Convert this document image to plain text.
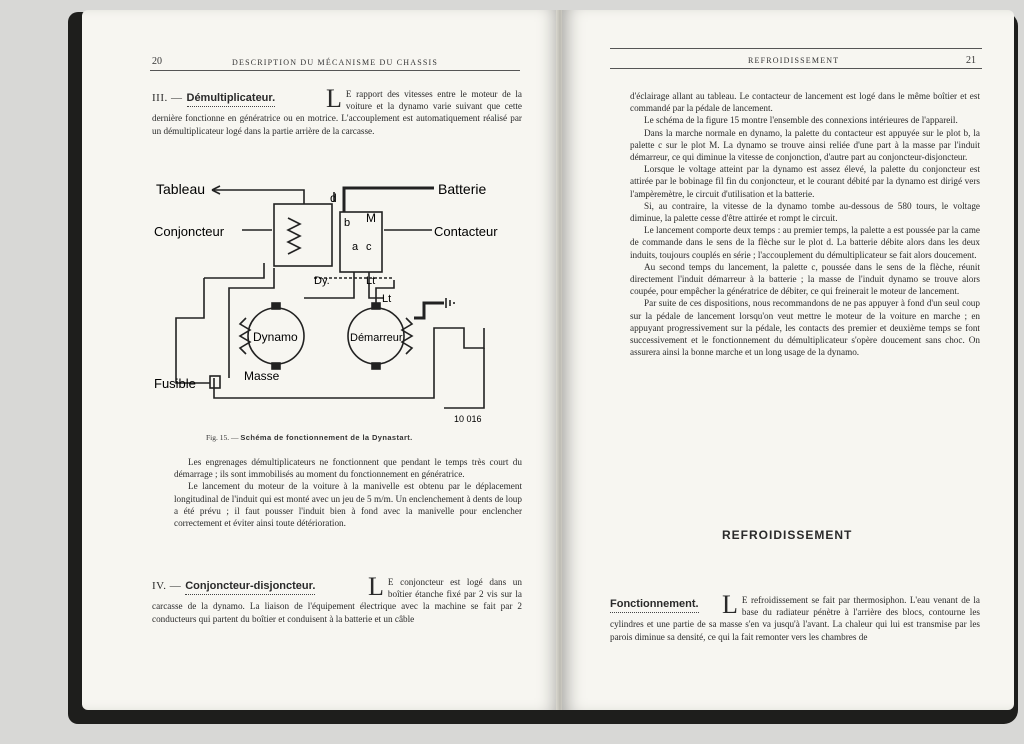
20	DESCRIPTION DU MÉCANISME DU CHASSIS
III. — Démultiplicateur.	L E rapport des vitesses entre le moteur de la voiture et la dynamo varie suivant que cette dernière fonctionne en génératrice ou en motrice. L'accouplement est automatiquement réalisé par un démultiplicateur logé dans la partie arrière de la carcasse.

Tableau	Batterie
Conjoncteur	Contacteur
Dynamo	Démarreur
Masse
Fusible
d
b M
a c
Dy.	Lt
Lt
10 016
Fig. 15. — Schéma de fonctionnement de la Dynastart.

Les engrenages démultiplicateurs ne fonctionnent que pendant le temps très court du démarrage ; ils sont immobilisés au moment du fonctionnement en génératrice.

Le lancement du moteur de la voiture à la manivelle est obtenu par le déplacement longitudinal de l'induit qui est monté avec un jeu de 5 m/m. Un enclenchement à dents de loup a été prévu ; il faut pousser l'induit bien à fond avec la manivelle pour enclencher correctement et éviter ainsi toute détérioration.

IV. — Conjoncteur-disjoncteur.	L E conjoncteur est logé dans un boîtier étanche fixé par 2 vis sur la carcasse de la dynamo. La liaison de l'équipement électrique avec la machine se fait par 2 conducteurs qui partent du boîtier et conduisent à la batterie et un câble

REFROIDISSEMENT	21

d'éclairage allant au tableau. Le contacteur de lancement est logé dans le même boîtier et est commandé par la pédale de lancement.

Le schéma de la figure 15 montre l'ensemble des connexions intérieures de l'appareil.

Dans la marche normale en dynamo, la palette du contacteur est appuyée sur le plot b, la palette c sur le plot M. La dynamo se trouve ainsi reliée d'une part à la masse par l'induit démarreur, ce qui diminue la vitesse de conjonction, d'autre part au conjoncteur-disjoncteur.

Lorsque le voltage atteint par la dynamo est assez élevé, la palette du conjoncteur est attirée par le bobinage fil fin du conjoncteur, et le courant débité par la dynamo est dirigé vers l'ampèremètre, le circuit d'utilisation et la batterie.

Si, au contraire, la vitesse de la dynamo tombe au-dessous de 580 tours, le voltage diminue, la palette cesse d'être attirée et rompt le circuit.

Le lancement comporte deux temps : au premier temps, la palette a est poussée par la came de commande dans le sens de la flèche sur le plot d. La batterie débite alors dans les deux induits, toujours couplés en série ; l'accouplement du démultiplicateur se fait alors doucement.

Au second temps du lancement, la palette c, poussée dans le sens de la flèche, réunit directement l'induit démarreur à la batterie ; la masse de l'induit dynamo se trouve alors coupée, pour empêcher la génératrice de débiter, ce qui freinerait le moteur de lancement.

Par suite de ces dispositions, nous recommandons de ne pas appuyer à fond d'un seul coup sur la pédale de lancement lorsqu'on veut mettre le moteur de la voiture en marche ; en appuyant progressivement sur la pédale, les contacts des premier et deuxième temps se font successivement et le fonctionnement du démultiplicateur s'opère doucement sans choc. On assurera ainsi la bonne marche et un long usage de la dynamo.

REFROIDISSEMENT
Fonctionnement. L E refroidissement se fait par thermosiphon. L'eau venant de la base du radiateur pénètre à l'arrière des blocs, contourne les cylindres et une partie de sa masse s'en va jusqu'à l'avant. La chaleur qui lui est transmise par les parois diminue sa densité, ce qui la fait remonter vers les chambres de
